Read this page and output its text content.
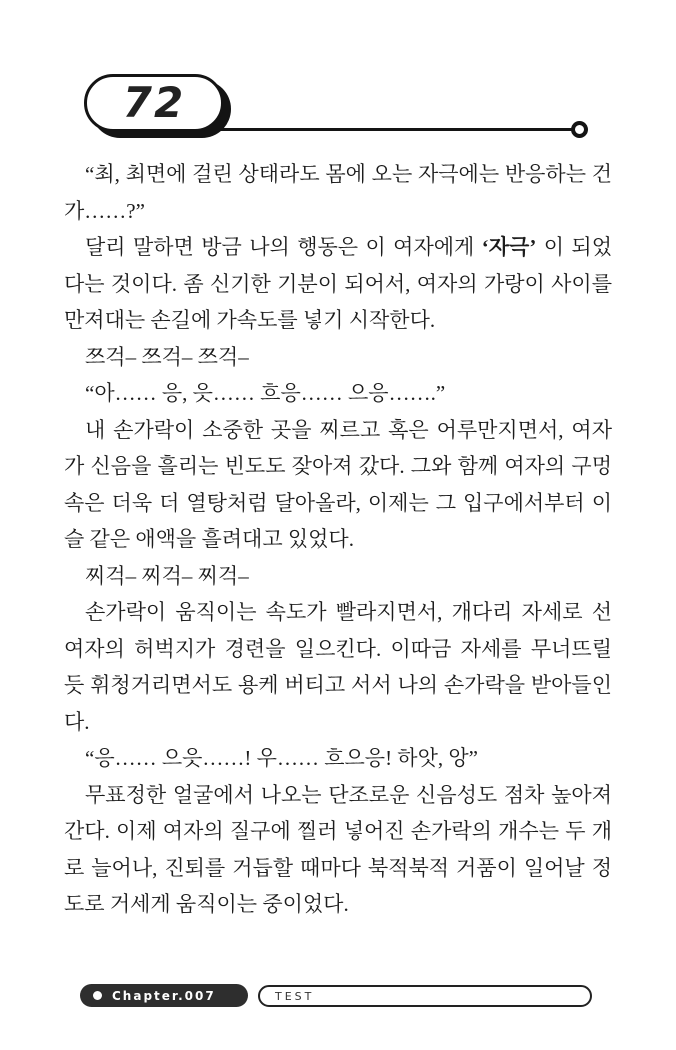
72

“최, 최면에 걸린 상태라도 몸에 오는 자극에는 반응하는 건가……?”

달리 말하면 방금 나의 행동은 이 여자에게 ‘자극’ 이 되었다는 것이다. 좀 신기한 기분이 되어서, 여자의 가랑이 사이를 만져대는 손길에 가속도를 넣기 시작한다.

쯔걱– 쯔걱– 쯔걱–

“아…… 응, 읏…… 흐응…… 으응…….”

내 손가락이 소중한 곳을 찌르고 혹은 어루만지면서, 여자가 신음을 흘리는 빈도도 잦아져 갔다. 그와 함께 여자의 구멍 속은 더욱 더 열탕처럼 달아올라, 이제는 그 입구에서부터 이슬 같은 애액을 흘려대고 있었다.

찌걱– 찌걱– 찌걱–

손가락이 움직이는 속도가 빨라지면서, 개다리 자세로 선 여자의 허벅지가 경련을 일으킨다. 이따금 자세를 무너뜨릴 듯 휘청거리면서도 용케 버티고 서서 나의 손가락을 받아들인다.

“응…… 으읏……! 우…… 흐으응! 하앗, 앙”

무표정한 얼굴에서 나오는 단조로운 신음성도 점차 높아져 간다. 이제 여자의 질구에 찔러 넣어진 손가락의 개수는 두 개로 늘어나, 진퇴를 거듭할 때마다 북적북적 거품이 일어날 정도로 거세게 움직이는 중이었다.

Chapter.007	TEST
